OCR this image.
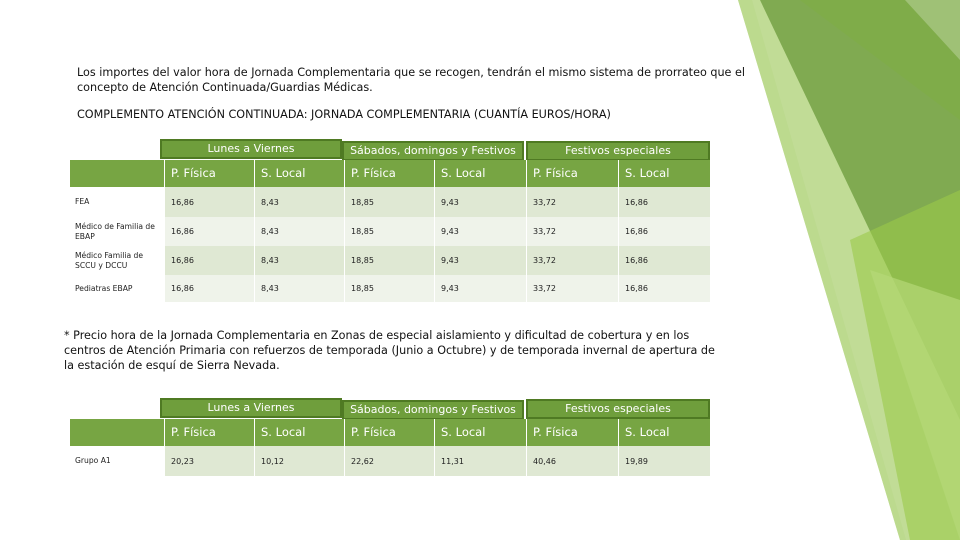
Los importes del valor hora de Jornada Complementaria que se recogen, tendrán el mismo sistema de prorrateo que el concepto de Atención Continuada/Guardias Médicas.
COMPLEMENTO ATENCIÓN CONTINUADA: JORNADA COMPLEMENTARIA (CUANTÍA EUROS/HORA)
Lunes a Viernes	Sábados, domingos y Festivos	Festivos especiales
P. Física	S. Local	P. Física	S. Local	P. Física	S. Local
FEA	16,86	8,43	18,85	9,43	33,72	16,86
Médico de Familia de EBAP	16,86	8,43	18,85	9,43	33,72	16,86
Médico Familia de SCCU y DCCU	16,86	8,43	18,85	9,43	33,72	16,86
Pediatras EBAP	16,86	8,43	18,85	9,43	33,72	16,86
* Precio hora de la Jornada Complementaria en Zonas de especial aislamiento y dificultad de cobertura y en los centros de Atención Primaria con refuerzos de temporada (Junio a Octubre) y de temporada invernal de apertura de la estación de esquí de Sierra Nevada.
Lunes a Viernes	Sábados, domingos y Festivos	Festivos especiales
P. Física	S. Local	P. Física	S. Local	P. Física	S. Local
Grupo A1	20,23	10,12	22,62	11,31	40,46	19,89
